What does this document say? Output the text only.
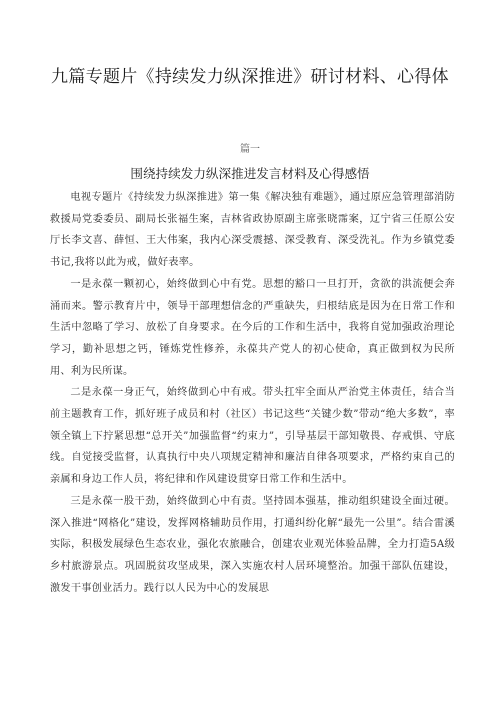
九篇专题片《持续发力纵深推进》研讨材料、心得体
篇一
围绕持续发力纵深推进发言材料及心得感悟

电视专题片《持续发力纵深推进》第一集《解决独有难题》，通过原应急管理部消防救援局党委委员、副局长张福生案，吉林省政协原副主席张晓霈案，辽宁省三任原公安厅长李文喜、薛恒、王大伟案，我内心深受震撼、深受教育、深受洗礼。作为乡镇党委书记,我将以此为戒，做好表率。

一是永葆一颗初心，始终做到心中有党。思想的豁口一旦打开，贪欲的洪流便会奔涌而来。警示教育片中，领导干部理想信念的严重缺失，归根结底是因为在日常工作和生活中忽略了学习、放松了自身要求。在今后的工作和生活中，我将自觉加强政治理论学习，勤补思想之钙，锤炼党性修养，永葆共产党人的初心使命，真正做到权为民所用、利为民所谋。

二是永葆一身正气，始终做到心中有戒。带头扛牢全面从严治党主体责任，结合当前主题教育工作，抓好班子成员和村（社区）书记这些“关键少数”带动“绝大多数”，率领全镇上下拧紧思想“总开关”加强监督“约束力”，引导基层干部知敬畏、存戒惧、守底线。自觉接受监督，认真执行中央八项规定精神和廉洁自律各项要求，严格约束自己的亲属和身边工作人员，将纪律和作风建设贯穿日常工作和生活中。

三是永葆一股干劲，始终做到心中有责。坚持固本强基，推动组织建设全面过硬。深入推进“网格化”建设，发挥网格辅助员作用，打通纠纷化解“最先一公里”。结合雷溪实际，积极发展绿色生态农业，强化农旅融合，创建农业观光体验品牌，全力打造5A级乡村旅游景点。巩固脱贫攻坚成果，深入实施农村人居环境整治。加强干部队伍建设，激发干事创业活力。践行以人民为中心的发展思
